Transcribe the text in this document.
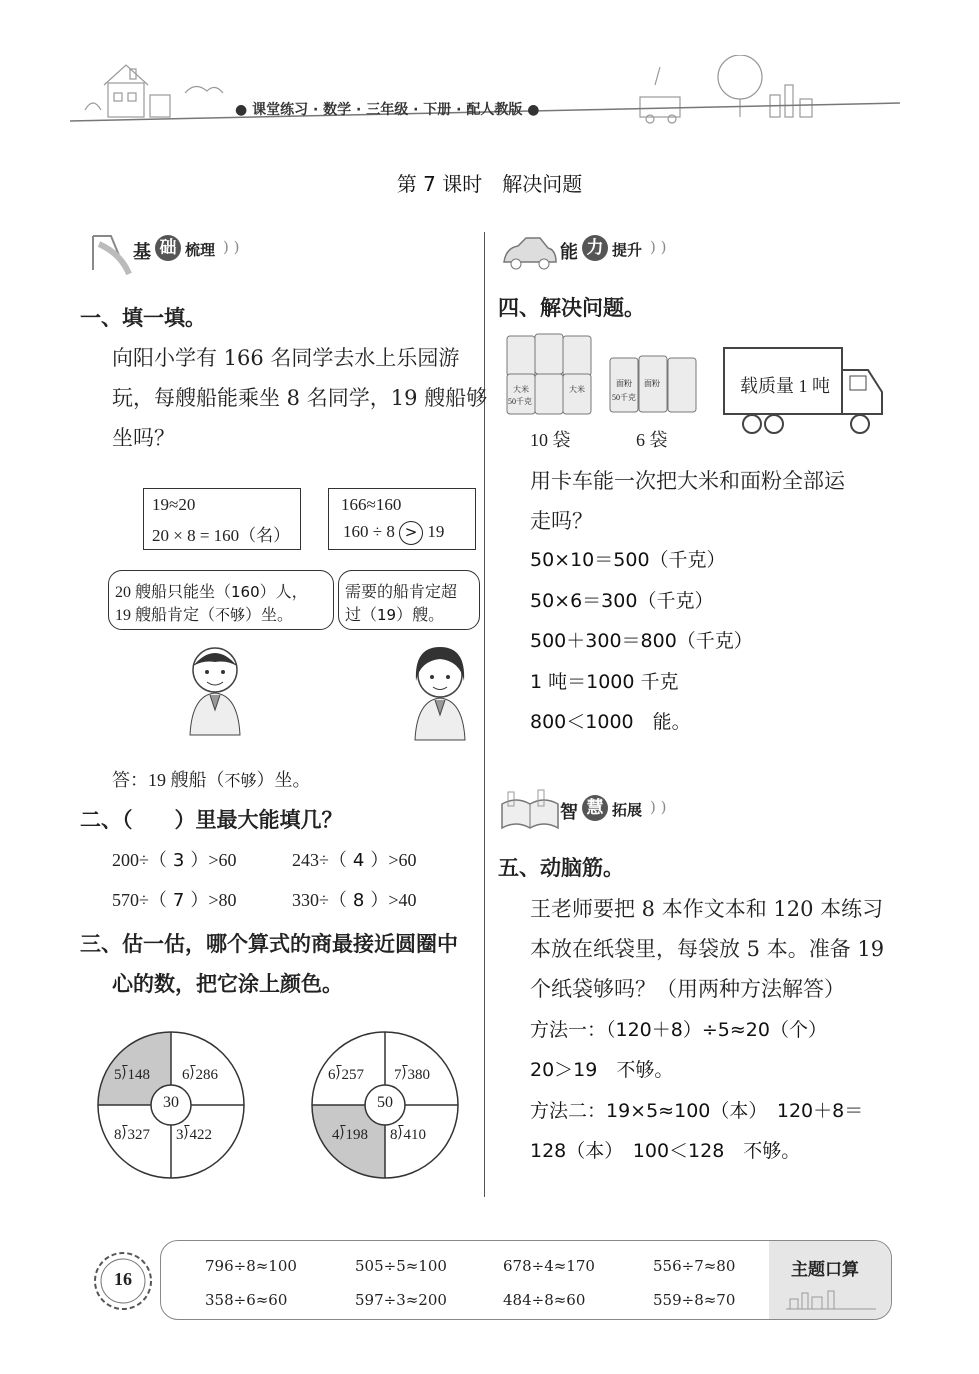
● 课堂练习 · 数学 · 三年级 · 下册 · 配人教版 ●
第 7 课时　解决问题
基 础 梳理 ) )
一、填一填。
向阳小学有 166 名同学去水上乐园游
玩，每艘船能乘坐 8 名同学，19 艘船够
坐吗？
19≈20
20 × 8 = 160（名）
166≈160
160 ÷ 8 > 19
20 艘船只能坐（160）人，
19 艘船肯定（不够）坐。
需要的船肯定超
过（19）艘。
答：19 艘船（不够）坐。
二、（　　）里最大能填几？
200÷（ 3 ）>60	243÷（ 4 ）>60
570÷（ 7 ）>80	330÷（ 8 ）>40
三、估一估，哪个算式的商最接近圆圈中
心的数，把它涂上颜色。
30
5⟌148 6⟌286
8⟌327 3⟌422
50
6⟌257 7⟌380
4⟌198 8⟌410
能 力 提升 ) )
四、解决问题。
大米
50千克
大米
10 袋
面粉
50千克
面粉
6 袋
载质量 1 吨
用卡车能一次把大米和面粉全部运
走吗？
50×10＝500（千克）
50×6＝300（千克）
500＋300＝800（千克）
1 吨＝1000 千克
800＜1000　能。
智 慧 拓展 ) )
五、动脑筋。
王老师要把 8 本作文本和 120 本练习
本放在纸袋里，每袋放 5 本。准备 19
个纸袋够吗？（用两种方法解答）
方法一：（120＋8）÷5≈20（个）
20＞19　不够。
方法二：19×5≈100（本）　120＋8＝
128（本）　100＜128　不够。
16	主题口算
796÷8≈100	505÷5≈100	678÷4≈170	556÷7≈80
358÷6≈60	597÷3≈200	484÷8≈60	559÷8≈70
